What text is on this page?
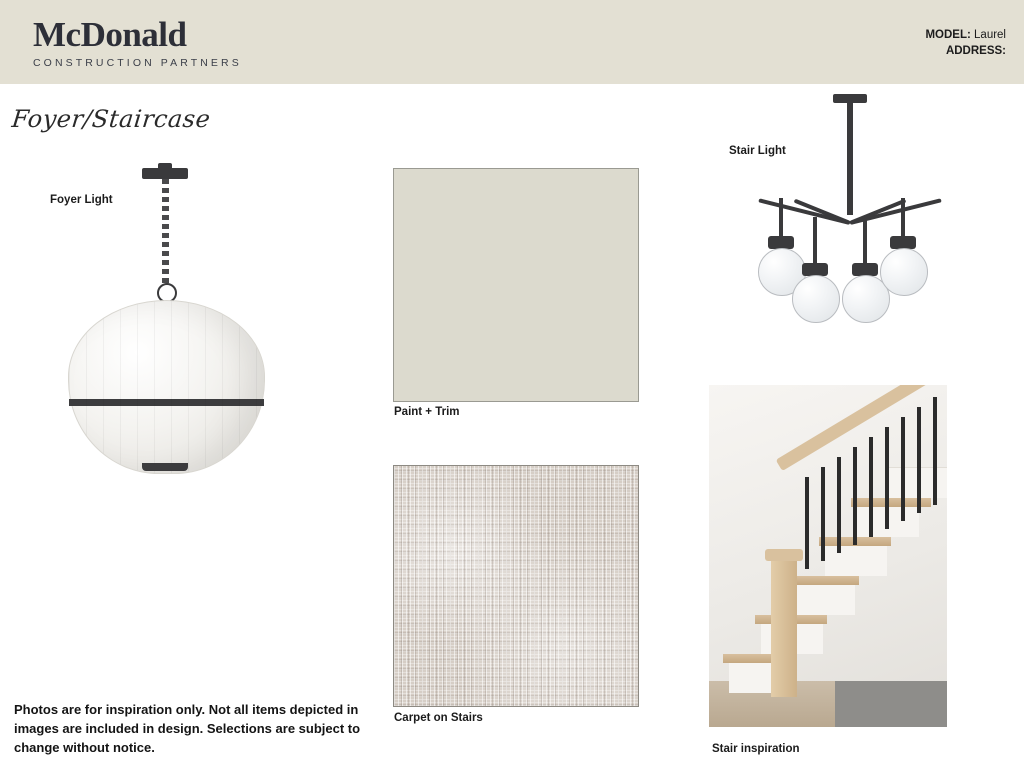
McDonald
CONSTRUCTION PARTNERS
MODEL: Laurel
ADDRESS:
Foyer/Staircase
Foyer Light
Paint + Trim
Carpet on Stairs
Stair Light
Stair inspiration
Photos are for inspiration only. Not all items depicted in images are included in design. Selections are subject to change without notice.
